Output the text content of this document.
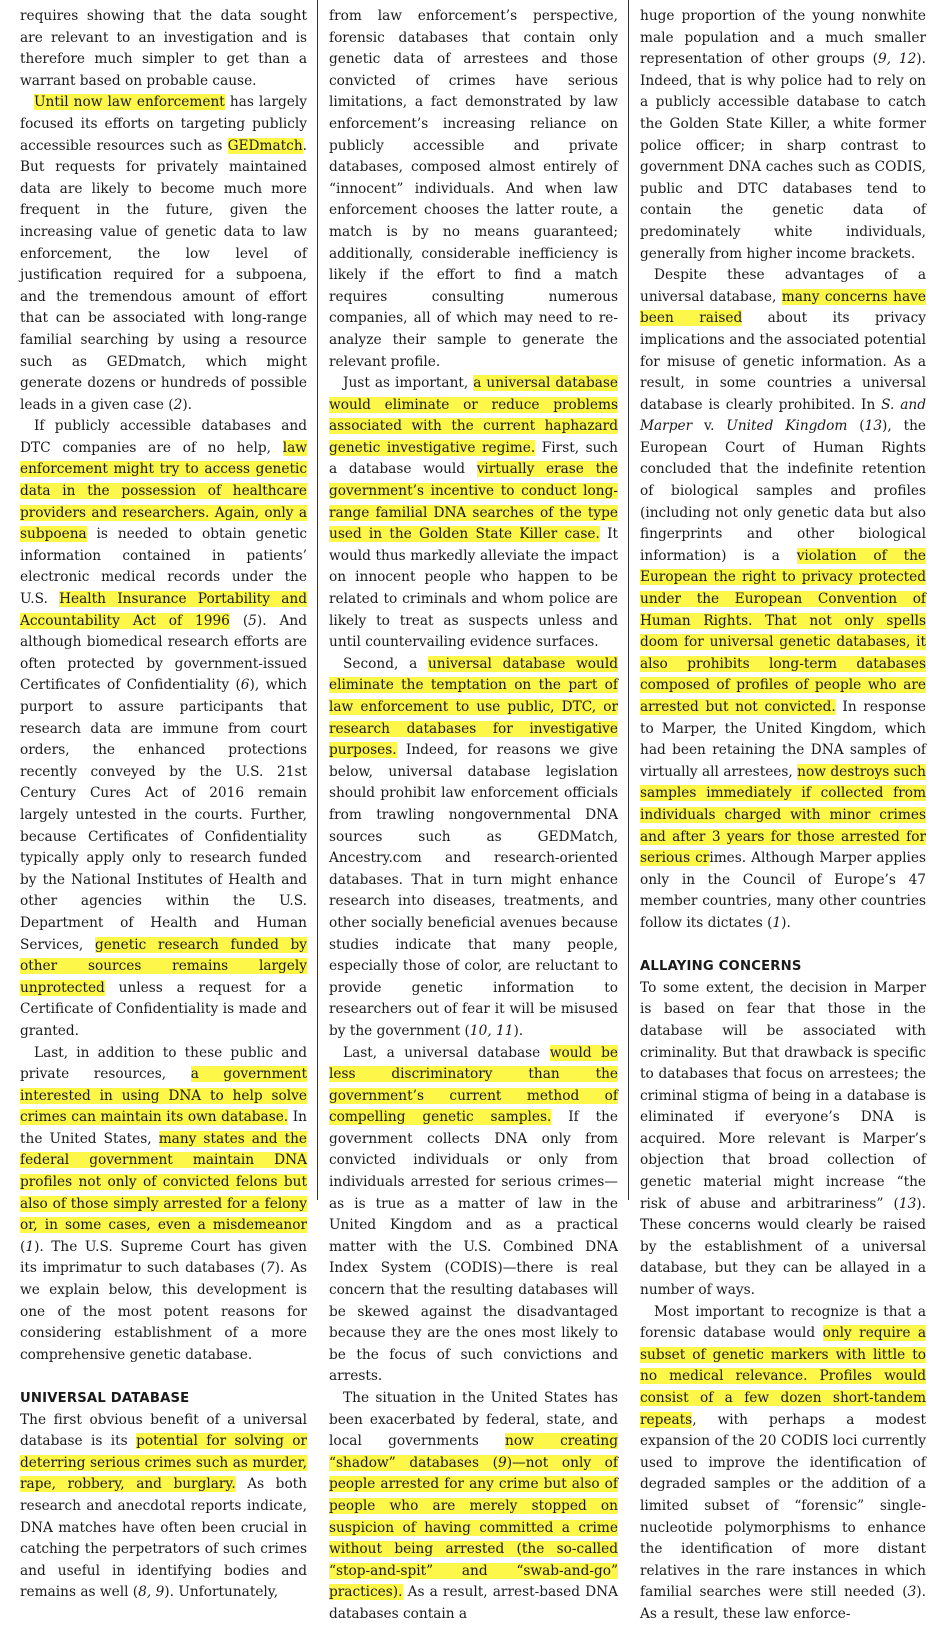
requires showing that the data sought are relevant to an investigation and is therefore much simpler to get than a warrant based on probable cause.

Until now law enforcement has largely focused its efforts on targeting publicly accessible resources such as GEDmatch. But requests for privately maintained data are likely to become much more frequent in the future, given the increasing value of genetic data to law enforcement, the low level of justification required for a subpoena, and the tremendous amount of effort that can be associated with long-range familial searching by using a resource such as GEDmatch, which might generate dozens or hundreds of possible leads in a given case (2).

If publicly accessible databases and DTC companies are of no help, law enforcement might try to access genetic data in the possession of healthcare providers and researchers. Again, only a subpoena is needed to obtain genetic information contained in patients’ electronic medical records under the U.S. Health Insurance Portability and Accountability Act of 1996 (5). And although biomedical research efforts are often protected by government-issued Certificates of Confidentiality (6), which purport to assure participants that research data are immune from court orders, the enhanced protections recently conveyed by the U.S. 21st Century Cures Act of 2016 remain largely untested in the courts. Further, because Certificates of Confidentiality typically apply only to research funded by the National Institutes of Health and other agencies within the U.S. Department of Health and Human Services, genetic research funded by other sources remains largely unprotected unless a request for a Certificate of Confidentiality is made and granted.

Last, in addition to these public and private resources, a government interested in using DNA to help solve crimes can maintain its own database. In the United States, many states and the federal government maintain DNA profiles not only of convicted felons but also of those simply arrested for a felony or, in some cases, even a misdemeanor (1). The U.S. Supreme Court has given its imprimatur to such databases (7). As we explain below, this development is one of the most potent reasons for considering establishment of a more comprehensive genetic database.

UNIVERSAL DATABASE

The first obvious benefit of a universal database is its potential for solving or deterring serious crimes such as murder, rape, robbery, and burglary. As both research and anecdotal reports indicate, DNA matches have often been crucial in catching the perpetrators of such crimes and useful in identifying bodies and remains as well (8, 9). Unfortunately,

from law enforcement’s perspective, forensic databases that contain only genetic data of arrestees and those convicted of crimes have serious limitations, a fact demonstrated by law enforcement’s increasing reliance on publicly accessible and private databases, composed almost entirely of “innocent” individuals. And when law enforcement chooses the latter route, a match is by no means guaranteed; additionally, considerable inefficiency is likely if the effort to find a match requires consulting numerous companies, all of which may need to re-analyze their sample to generate the relevant profile.

Just as important, a universal database would eliminate or reduce problems associated with the current haphazard genetic investigative regime. First, such a database would virtually erase the government’s incentive to conduct long-range familial DNA searches of the type used in the Golden State Killer case. It would thus markedly alleviate the impact on innocent people who happen to be related to criminals and whom police are likely to treat as suspects unless and until countervailing evidence surfaces.

Second, a universal database would eliminate the temptation on the part of law enforcement to use public, DTC, or research databases for investigative purposes. Indeed, for reasons we give below, universal database legislation should prohibit law enforcement officials from trawling nongovernmental DNA sources such as GEDMatch, Ancestry.com and research-oriented databases. That in turn might enhance research into diseases, treatments, and other socially beneficial avenues because studies indicate that many people, especially those of color, are reluctant to provide genetic information to researchers out of fear it will be misused by the government (10, 11).

Last, a universal database would be less discriminatory than the government’s current method of compelling genetic samples. If the government collects DNA only from convicted individuals or only from individuals arrested for serious crimes—as is true as a matter of law in the United Kingdom and as a practical matter with the U.S. Combined DNA Index System (CODIS)—there is real concern that the resulting databases will be skewed against the disadvantaged because they are the ones most likely to be the focus of such convictions and arrests.

The situation in the United States has been exacerbated by federal, state, and local governments now creating “shadow” databases (9)—not only of people arrested for any crime but also of people who are merely stopped on suspicion of having committed a crime without being arrested (the so-called “stop-and-spit” and “swab-and-go” practices). As a result, arrest-based DNA databases contain a

huge proportion of the young nonwhite male population and a much smaller representation of other groups (9, 12). Indeed, that is why police had to rely on a publicly accessible database to catch the Golden State Killer, a white former police officer; in sharp contrast to government DNA caches such as CODIS, public and DTC databases tend to contain the genetic data of predominately white individuals, generally from higher income brackets.

Despite these advantages of a universal database, many concerns have been raised about its privacy implications and the associated potential for misuse of genetic information. As a result, in some countries a universal database is clearly prohibited. In S. and Marper v. United Kingdom (13), the European Court of Human Rights concluded that the indefinite retention of biological samples and profiles (including not only genetic data but also fingerprints and other biological information) is a violation of the European the right to privacy protected under the European Convention of Human Rights. That not only spells doom for universal genetic databases, it also prohibits long-term databases composed of profiles of people who are arrested but not convicted. In response to Marper, the United Kingdom, which had been retaining the DNA samples of virtually all arrestees, now destroys such samples immediately if collected from individuals charged with minor crimes and after 3 years for those arrested for serious crimes. Although Marper applies only in the Council of Europe’s 47 member countries, many other countries follow its dictates (1).

ALLAYING CONCERNS

To some extent, the decision in Marper is based on fear that those in the database will be associated with criminality. But that drawback is specific to databases that focus on arrestees; the criminal stigma of being in a database is eliminated if everyone’s DNA is acquired. More relevant is Marper’s objection that broad collection of genetic material might increase “the risk of abuse and arbitrariness” (13). These concerns would clearly be raised by the establishment of a universal database, but they can be allayed in a number of ways.

Most important to recognize is that a forensic database would only require a subset of genetic markers with little to no medical relevance. Profiles would consist of a few dozen short-tandem repeats, with perhaps a modest expansion of the 20 CODIS loci currently used to improve the identification of degraded samples or the addition of a limited subset of “forensic” single-nucleotide polymorphisms to enhance the identification of more distant relatives in the rare instances in which familial searches were still needed (3). As a result, these law enforce-
